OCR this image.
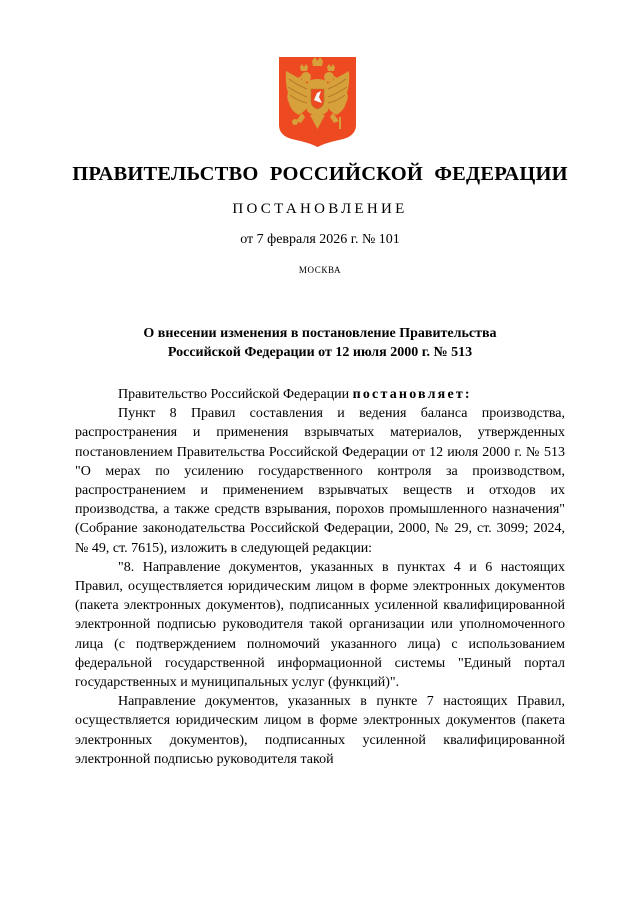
ПРАВИТЕЛЬСТВО РОССИЙСКОЙ ФЕДЕРАЦИИ

ПОСТАНОВЛЕНИЕ

от 7 февраля 2026 г. № 101

МОСКВА

О внесении изменения в постановление Правительства

Российской Федерации от 12 июля 2000 г. № 513

Правительство Российской Федерации постановляет:

Пункт 8 Правил составления и ведения баланса производства, распространения и применения взрывчатых материалов, утвержденных постановлением Правительства Российской Федерации от 12 июля 2000 г. № 513 "О мерах по усилению государственного контроля за производством, распространением и применением взрывчатых веществ и отходов их производства, а также средств взрывания, порохов промышленного назначения" (Собрание законодательства Российской Федерации, 2000, № 29, ст. 3099; 2024, № 49, ст. 7615), изложить в следующей редакции:

"8. Направление документов, указанных в пунктах 4 и 6 настоящих Правил, осуществляется юридическим лицом в форме электронных документов (пакета электронных документов), подписанных усиленной квалифицированной электронной подписью руководителя такой организации или уполномоченного лица (с подтверждением полномочий указанного лица) с использованием федеральной государственной информационной системы "Единый портал государственных и муниципальных услуг (функций)".

Направление документов, указанных в пункте 7 настоящих Правил, осуществляется юридическим лицом в форме электронных документов (пакета электронных документов), подписанных усиленной квалифицированной электронной подписью руководителя такой
